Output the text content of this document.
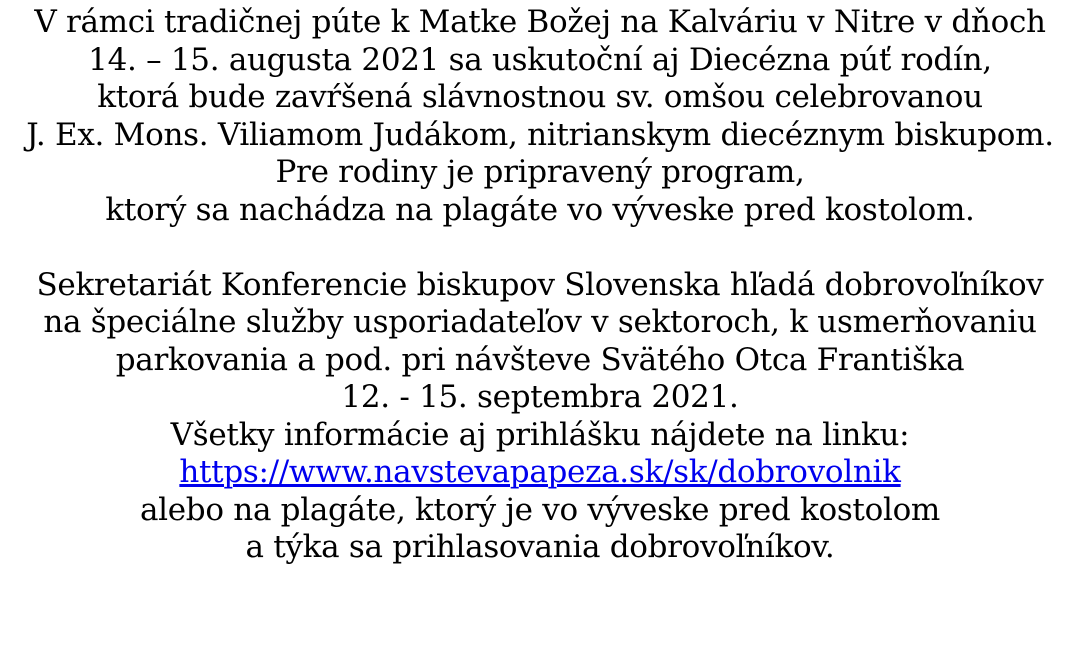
V rámci tradičnej púte k Matke Božej na Kalváriu v Nitre v dňoch
14. – 15. augusta 2021 sa uskutoční aj Diecézna púť rodín,
ktorá bude zavŕšená slávnostnou sv. omšou celebrovanou
J. Ex. Mons. Viliamom Judákom, nitrianskym diecéznym biskupom.
Pre rodiny je pripravený program,
ktorý sa nachádza na plagáte vo výveske pred kostolom.
Sekretariát Konferencie biskupov Slovenska hľadá dobrovoľníkov
na špeciálne služby usporiadateľov v sektoroch, k usmerňovaniu
parkovania a pod. pri návšteve Svätého Otca Františka
12. - 15. septembra 2021.
Všetky informácie aj prihlášku nájdete na linku:
https://www.navstevapapeza.sk/sk/dobrovolnik
alebo na plagáte, ktorý je vo výveske pred kostolom
a týka sa prihlasovania dobrovoľníkov.
